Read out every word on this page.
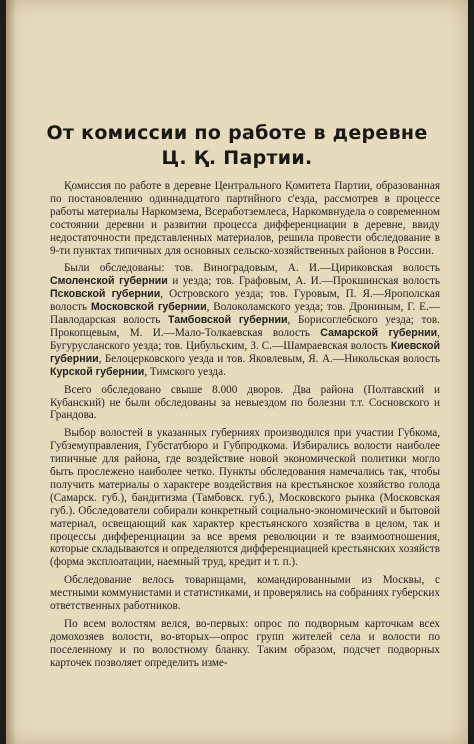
От комиссии по работе в деревне
Ц. Қ. Партии.

Қомиссия по работе в деревне Центрального Қомитета Партии, образованная по постановлению одиннадцатого партийного с'езда, рассмотрев в процессе работы материалы Наркомзема, Всеработземлеса, Наркомвнудела о современном состоянии деревни и развитии процесса дифференциации в деревне, ввиду недостаточности представленных материалов, решила провести обследование в 9-ти пунктах типичных для основных сельско-хозяйственных районов в России.

Были обследованы: тов. Виноградовым, А. И.—Цириковская волость Смоленской губернии и уезда; тов. Графовым, А. И.—Прокшинская волость Псковской губернии, Островского уезда; тов. Гуровым, П. Я.—Ярополская волость Московской губернии, Волоколамского уезда; тов. Дрониным, Г. Е.—Павлодарская волость Тамбовской губернии, Борисоглебского уезда; тов. Прокопцевым, М. И.—Мало-Толкаевская волость Самарской губернии, Бугурусланского уезда; тов. Цибульским, З. С.—Шамраевская волость Киевской губернии, Белоцерковского уезда и тов. Яковлевым, Я. А.—Никольская волость Курской губернии, Тимского уезда.

Всего обследовано свыше 8.000 дворов. Два района (Полтавский и Кубанский) не были обследованы за невыездом по болезни т.т. Сосновского и Грандова.

Выбор волостей в указанных губерниях производился при участии Губкома, Губземуправления, Губстатбюро и Губпродкома. Избирались волости наиболее типичные для района, где воздействие новой экономической политики могло быть прослежено наиболее четко. Пункты обследования намечались так, чтобы получить материалы о характере воздействия на крестьянское хозяйство голода (Самарск. губ.), бандитизма (Тамбовск. губ.), Московского рынка (Московская губ.). Обследователи собирали конкретный социально-экономический и бытовой материал, освещающий как характер крестьянского хозяйства в целом, так и процессы дифференциации за все время революции и те взаимоотношения, которые складываются и определяются дифференциацией крестьянских хозяйств (форма эксплоатации, наемный труд, кредит и т. п.).

Обследование велось товарищами, командированными из Москвы, с местными коммунистами и статистиками, и проверялись на собраниях губерских ответственных работников.

По всем волостям велся, во-первых: опрос по подворным карточкам всех домохозяев волости, во-вторых—опрос групп жителей села и волости по поселенному и по волостному бланку. Таким образом, подсчет подворных карточек позволяет определить изме-
